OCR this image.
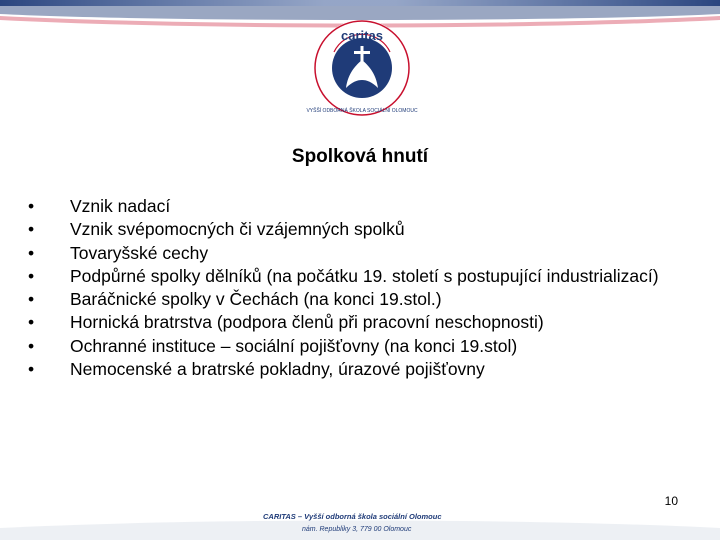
caritas
VYŠŠÍ ODBORNÁ ŠKOLA SOCIÁLNÍ OLOMOUC
Spolková hnutí
•	Vznik nadací
•	Vznik svépomocných či vzájemných spolků
•	Tovaryšské cechy
•	Podpůrné spolky dělníků (na počátku 19. století s postupující industrializací)
•	Baráčnické spolky v Čechách (na konci 19.stol.)
•	Hornická bratrstva (podpora členů při pracovní neschopnosti)
•	Ochranné instituce – sociální pojišťovny (na konci 19.stol)
•	Nemocenské a bratrské pokladny, úrazové pojišťovny
10
CARITAS – Vyšší odborná škola sociální Olomouc
nám. Republiky 3, 779 00 Olomouc
